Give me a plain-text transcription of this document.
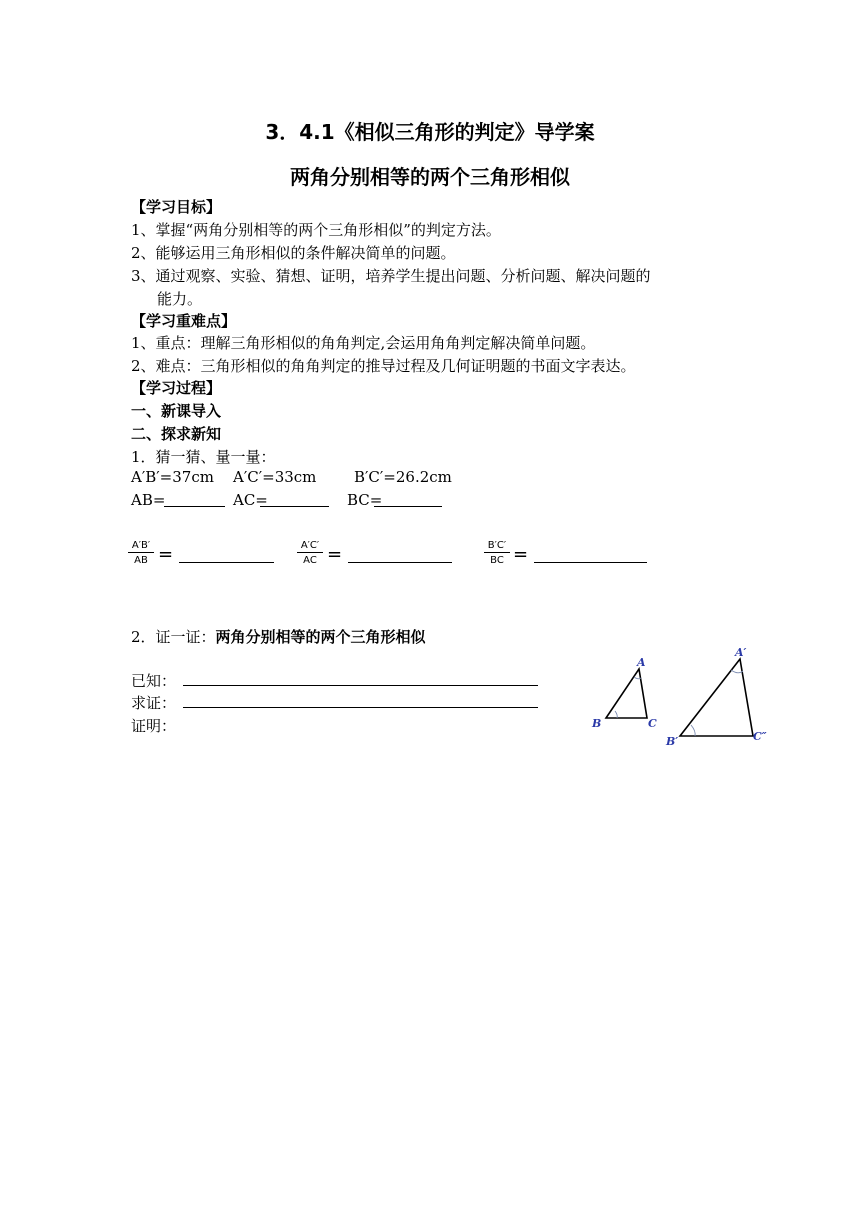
3．4.1《相似三角形的判定》导学案
两角分别相等的两个三角形相似
【学习目标】
1、掌握“两角分别相等的两个三角形相似”的判定方法。
2、能够运用三角形相似的条件解决简单的问题。
3、通过观察、实验、猜想、证明，培养学生提出问题、分析问题、解决问题的
能力。
【学习重难点】
1、重点：理解三角形相似的角角判定,会运用角角判定解决简单问题。
2、难点：三角形相似的角角判定的推导过程及几何证明题的书面文字表达。
【学习过程】
一、新课导入
二、探求新知
1．猜一猜、量一量：
A′B′=37cm A′C′=33cm	B′C′=26.2cm
AB=	AC=	BC=
$\frac{A'B'}{AB}$ =	$\frac{A'C'}{AC}$ =	$\frac{B'C'}{BC}$ =
2．证一证：两角分别相等的两个三角形相似
已知：
求证：
证明：
A
B	C
A′
B′	C″
